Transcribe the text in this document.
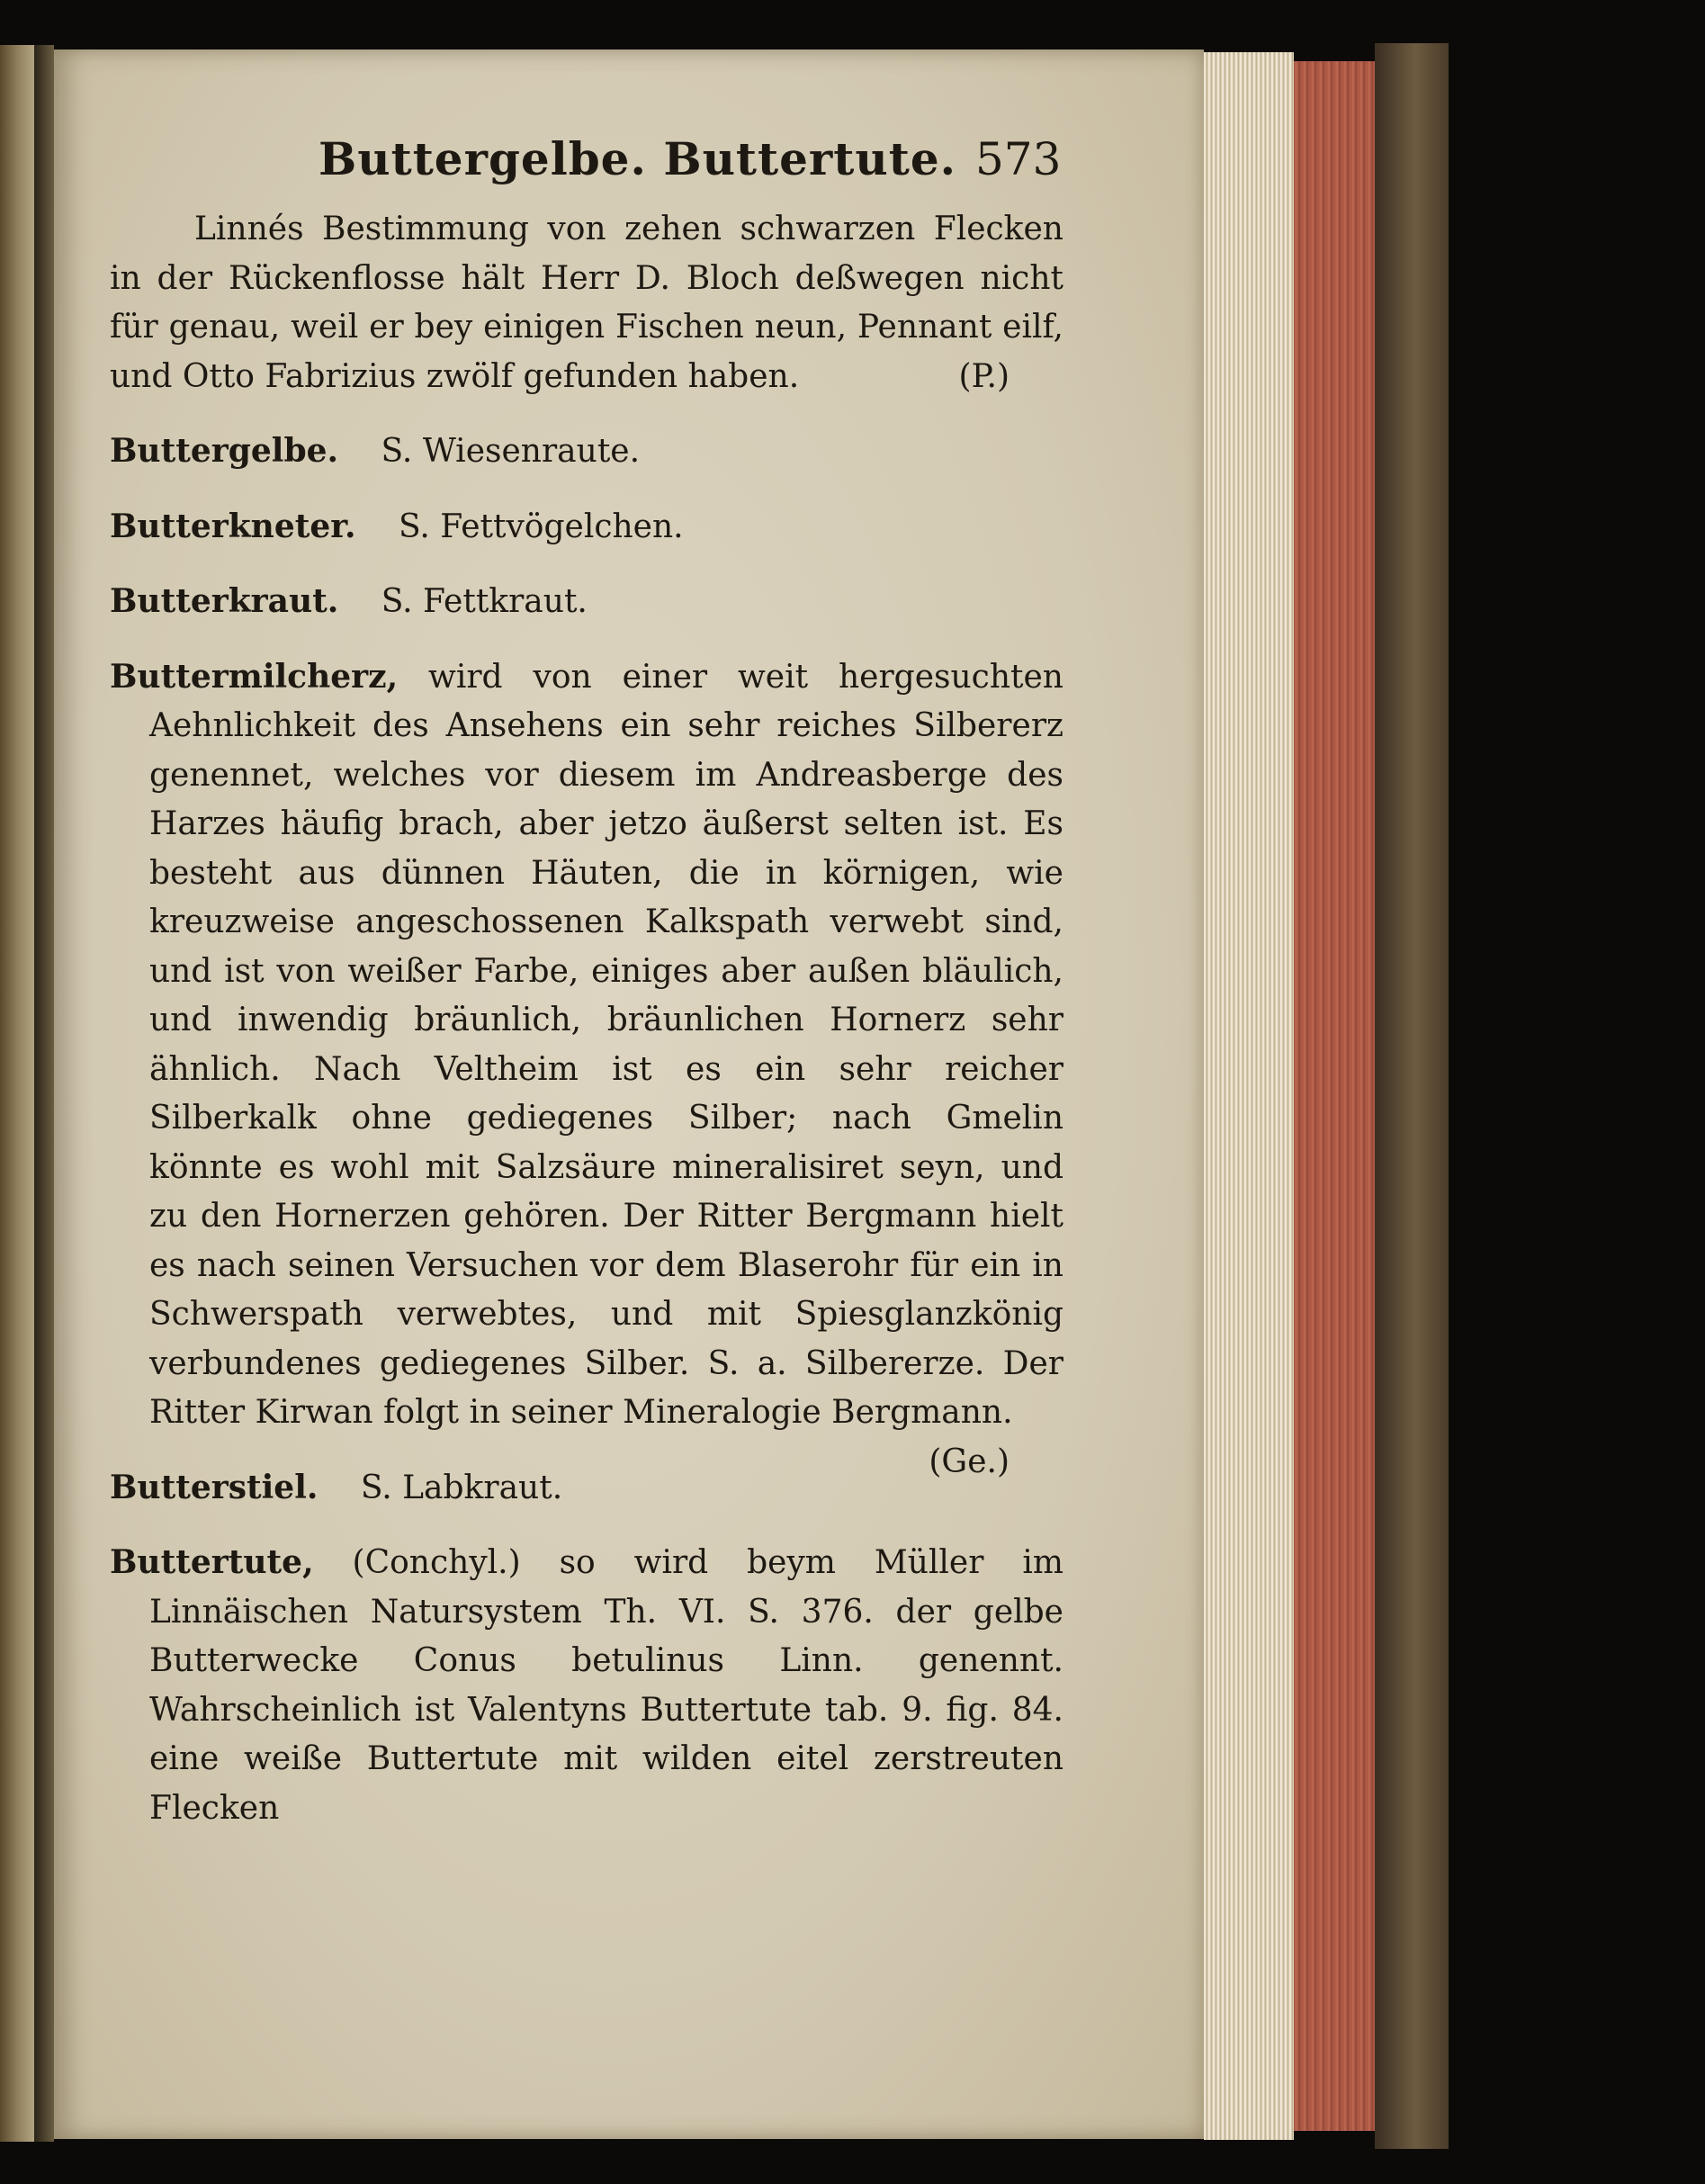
Buttergelbe. Buttertute. 573

Linnés Bestimmung von zehen schwarzen Flecken in der Rückenflosse hält Herr D. Bloch deßwegen nicht für genau, weil er bey einigen Fischen neun, Pennant eilf, und Otto Fabrizius zwölf gefunden haben.	(P.)

Buttergelbe. S. Wiesenraute.

Butterkneter. S. Fettvögelchen.

Butterkraut. S. Fettkraut.

Buttermilcherz, wird von einer weit hergesuchten Aehnlichkeit des Ansehens ein sehr reiches Silbererz genennet, welches vor diesem im Andreasberge des Harzes häufig brach, aber jetzo äußerst selten ist. Es besteht aus dünnen Häuten, die in körnigen, wie kreuzweise angeschossenen Kalkspath verwebt sind, und ist von weißer Farbe, einiges aber außen bläulich, und inwendig bräunlich, bräunlichen Hornerz sehr ähnlich. Nach Veltheim ist es ein sehr reicher Silberkalk ohne gediegenes Silber; nach Gmelin könnte es wohl mit Salzsäure mineralisiret seyn, und zu den Hornerzen gehören. Der Ritter Bergmann hielt es nach seinen Versuchen vor dem Blaserohr für ein in Schwerspath verwebtes, und mit Spiesglanzkönig verbundenes gediegenes Silber. S. a. Silbererze. Der Ritter Kirwan folgt in seiner Mineralogie Bergmann.
(Ge.)

Butterstiel. S. Labkraut.

Buttertute, (Conchyl.) so wird beym Müller im Linnäischen Natursystem Th. VI. S. 376. der gelbe Butterwecke Conus betulinus Linn. genennt. Wahrscheinlich ist Valentyns Buttertute tab. 9. fig. 84. eine weiße Buttertute mit wilden eitel zerstreuten Flecken
